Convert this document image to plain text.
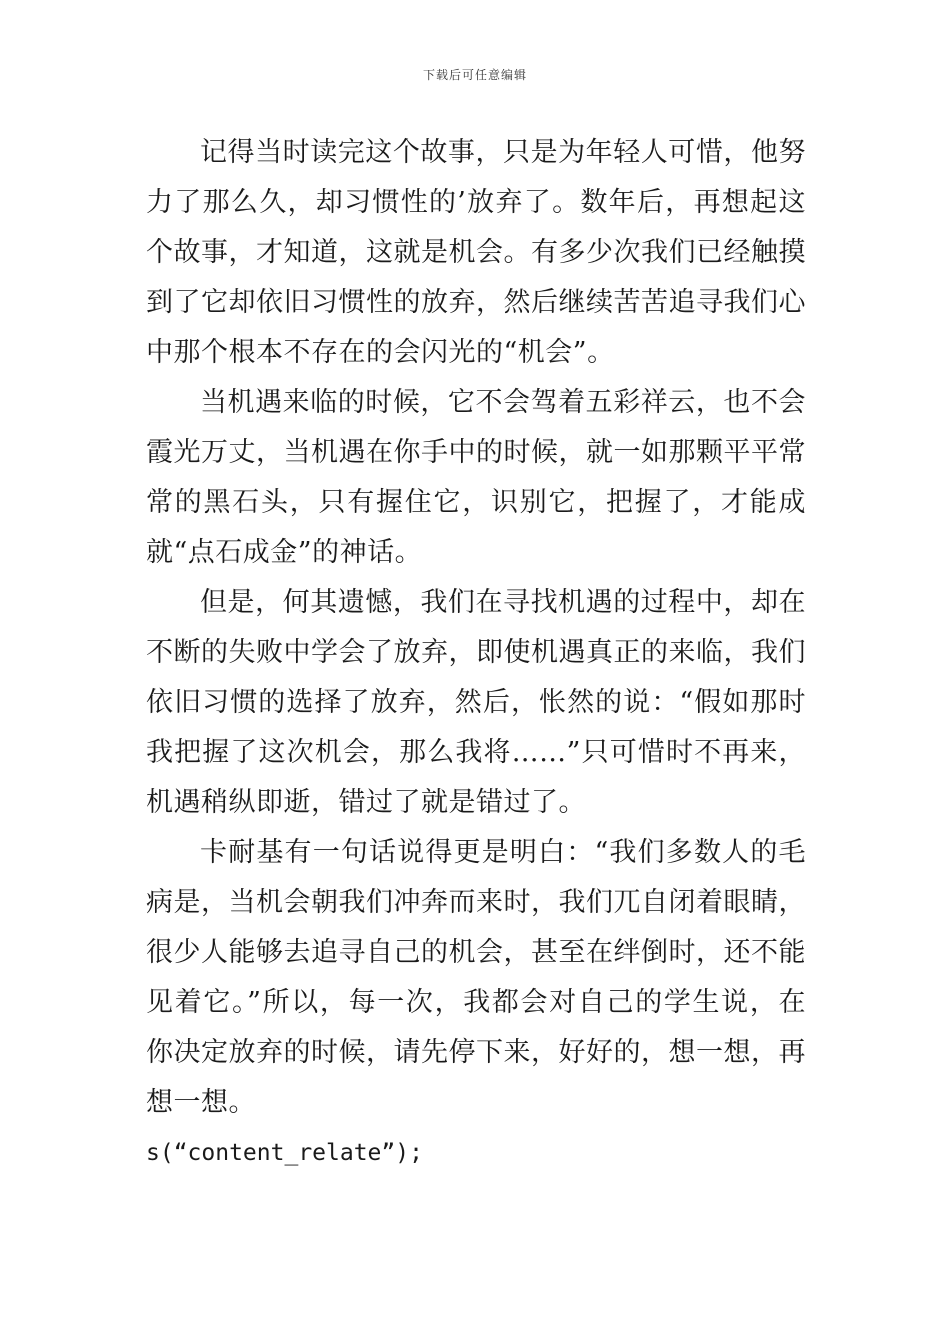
下载后可任意编辑

记得当时读完这个故事，只是为年轻人可惜，他努力了那么久，却习惯性的’放弃了。数年后，再想起这个故事，才知道，这就是机会。有多少次我们已经触摸到了它却依旧习惯性的放弃，然后继续苦苦追寻我们心中那个根本不存在的会闪光的“机会”。

当机遇来临的时候，它不会驾着五彩祥云，也不会霞光万丈，当机遇在你手中的时候，就一如那颗平平常常的黑石头，只有握住它，识别它，把握了，才能成就“点石成金”的神话。

但是，何其遗憾，我们在寻找机遇的过程中，却在不断的失败中学会了放弃，即使机遇真正的来临，我们依旧习惯的选择了放弃，然后，怅然的说：“假如那时我把握了这次机会，那么我将……”只可惜时不再来，机遇稍纵即逝，错过了就是错过了。

卡耐基有一句话说得更是明白：“我们多数人的毛病是，当机会朝我们冲奔而来时，我们兀自闭着眼睛，很少人能够去追寻自己的机会，甚至在绊倒时，还不能见着它。”所以，每一次，我都会对自己的学生说，在你决定放弃的时候，请先停下来，好好的，想一想，再想一想。

s(“content_relate”);
